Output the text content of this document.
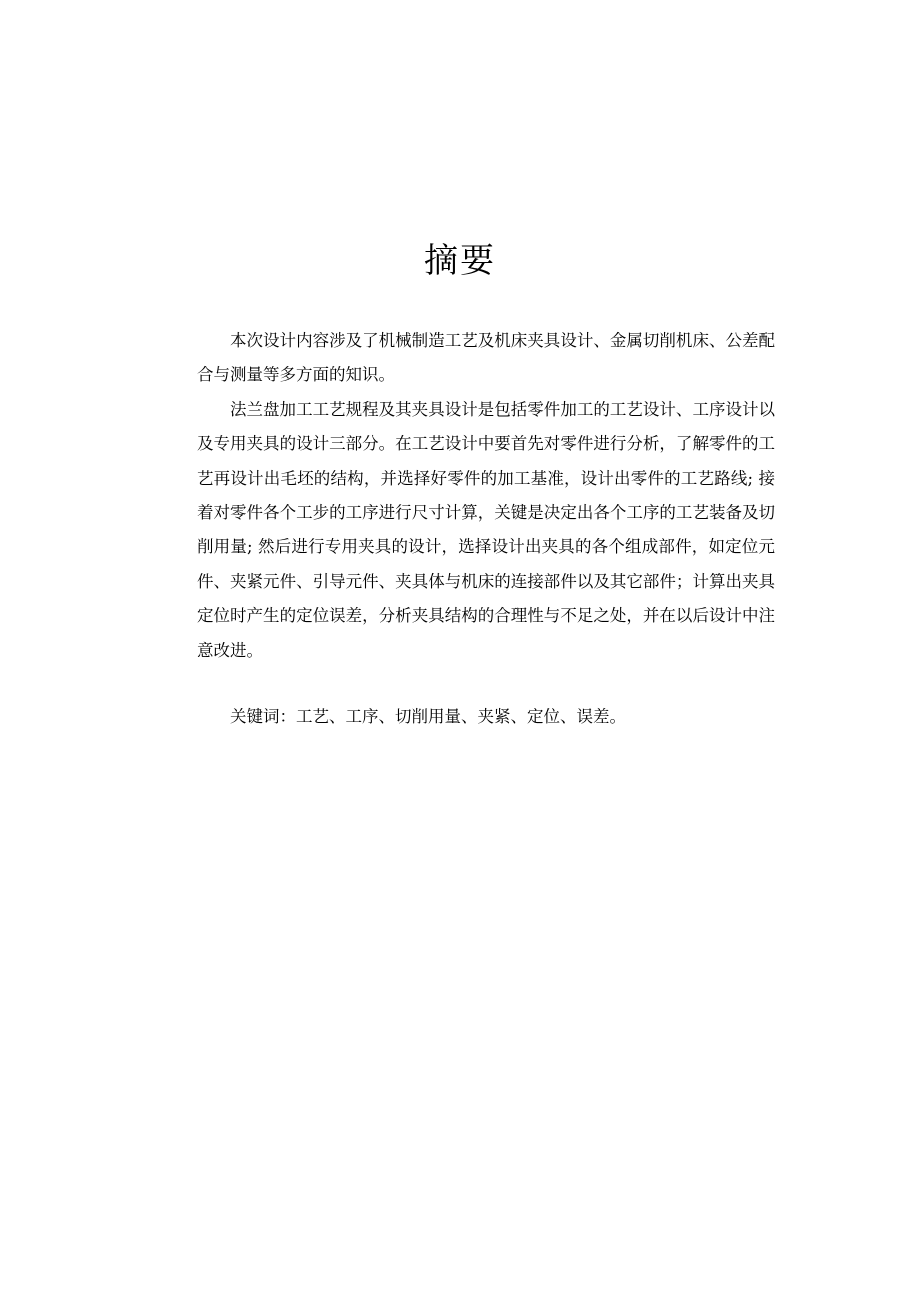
摘要

本次设计内容涉及了机械制造工艺及机床夹具设计、金属切削机床、公差配合与测量等多方面的知识。

法兰盘加工工艺规程及其夹具设计是包括零件加工的工艺设计、工序设计以及专用夹具的设计三部分。在工艺设计中要首先对零件进行分析，了解零件的工艺再设计出毛坯的结构，并选择好零件的加工基准，设计出零件的工艺路线; 接着对零件各个工步的工序进行尺寸计算，关键是决定出各个工序的工艺装备及切削用量; 然后进行专用夹具的设计，选择设计出夹具的各个组成部件，如定位元件、夹紧元件、引导元件、夹具体与机床的连接部件以及其它部件；计算出夹具定位时产生的定位误差，分析夹具结构的合理性与不足之处，并在以后设计中注意改进。

关键词：工艺、工序、切削用量、夹紧、定位、误差。
